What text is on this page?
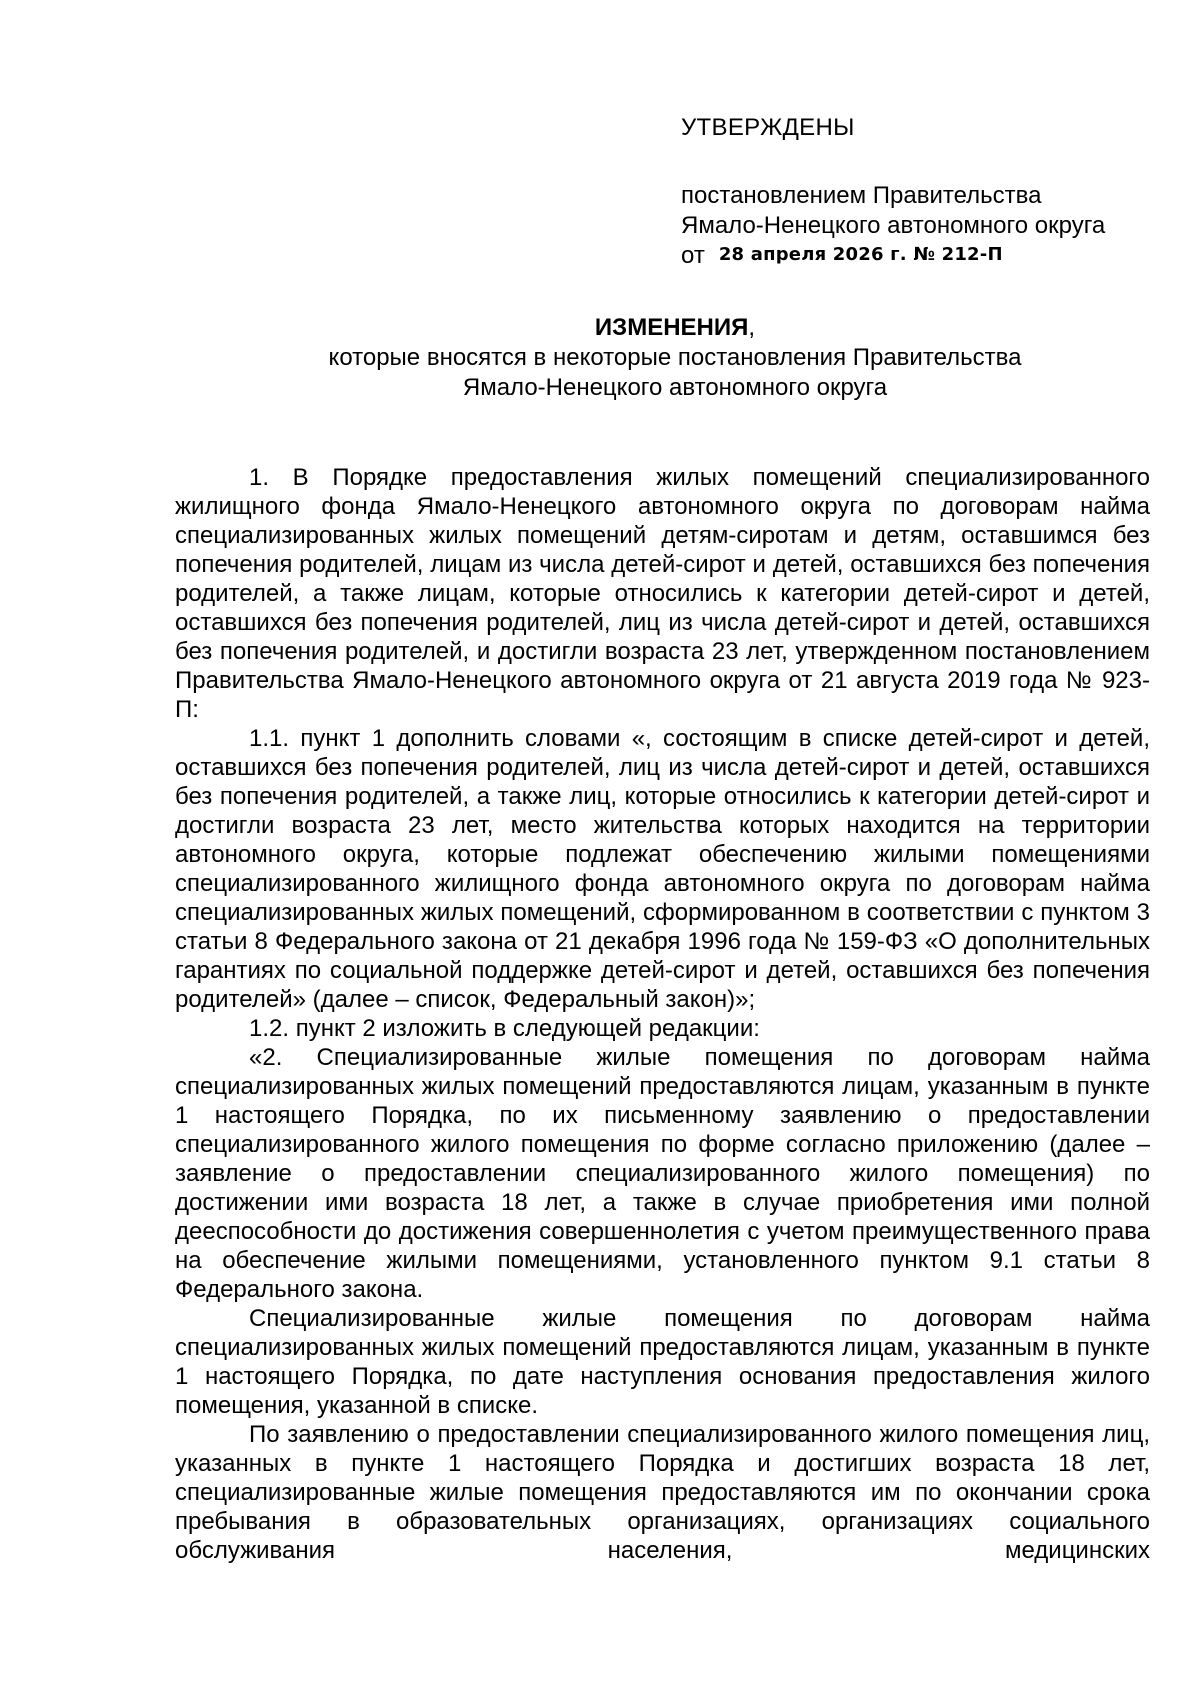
УТВЕРЖДЕНЫ
постановлением Правительства
Ямало-Ненецкого автономного округа
от 28 апреля 2026 г. № 212-П
ИЗМЕНЕНИЯ,
которые вносятся в некоторые постановления Правительства
Ямало-Ненецкого автономного округа

1. В Порядке предоставления жилых помещений специализированного жилищного фонда Ямало-Ненецкого автономного округа по договорам найма специализированных жилых помещений детям-сиротам и детям, оставшимся без попечения родителей, лицам из числа детей-сирот и детей, оставшихся без попечения родителей, а также лицам, которые относились к категории детей-сирот и детей, оставшихся без попечения родителей, лиц из числа детей-сирот и детей, оставшихся без попечения родителей, и достигли возраста 23 лет, утвержденном постановлением Правительства Ямало-Ненецкого автономного округа от 21 августа 2019 года № 923-П:

1.1. пункт 1 дополнить словами «, состоящим в списке детей-сирот и детей, оставшихся без попечения родителей, лиц из числа детей-сирот и детей, оставшихся без попечения родителей, а также лиц, которые относились к категории детей-сирот и достигли возраста 23 лет, место жительства которых находится на территории автономного округа, которые подлежат обеспечению жилыми помещениями специализированного жилищного фонда автономного округа по договорам найма специализированных жилых помещений, сформированном в соответствии с пунктом 3 статьи 8 Федерального закона от 21 декабря 1996 года № 159-ФЗ «О дополнительных гарантиях по социальной поддержке детей-сирот и детей, оставшихся без попечения родителей» (далее – список, Федеральный закон)»;

1.2. пункт 2 изложить в следующей редакции:

«2. Специализированные жилые помещения по договорам найма специализированных жилых помещений предоставляются лицам, указанным в пункте 1 настоящего Порядка, по их письменному заявлению о предоставлении специализированного жилого помещения по форме согласно приложению (далее – заявление о предоставлении специализированного жилого помещения) по достижении ими возраста 18 лет, а также в случае приобретения ими полной дееспособности до достижения совершеннолетия с учетом преимущественного права на обеспечение жилыми помещениями, установленного пунктом 9.1 статьи 8 Федерального закона.

Специализированные жилые помещения по договорам найма специализированных жилых помещений предоставляются лицам, указанным в пункте 1 настоящего Порядка, по дате наступления основания предоставления жилого помещения, указанной в списке.

По заявлению о предоставлении специализированного жилого помещения лиц, указанных в пункте 1 настоящего Порядка и достигших возраста 18 лет, специализированные жилые помещения предоставляются им по окончании срока пребывания в образовательных организациях, организациях социального обслуживания населения, медицинских
